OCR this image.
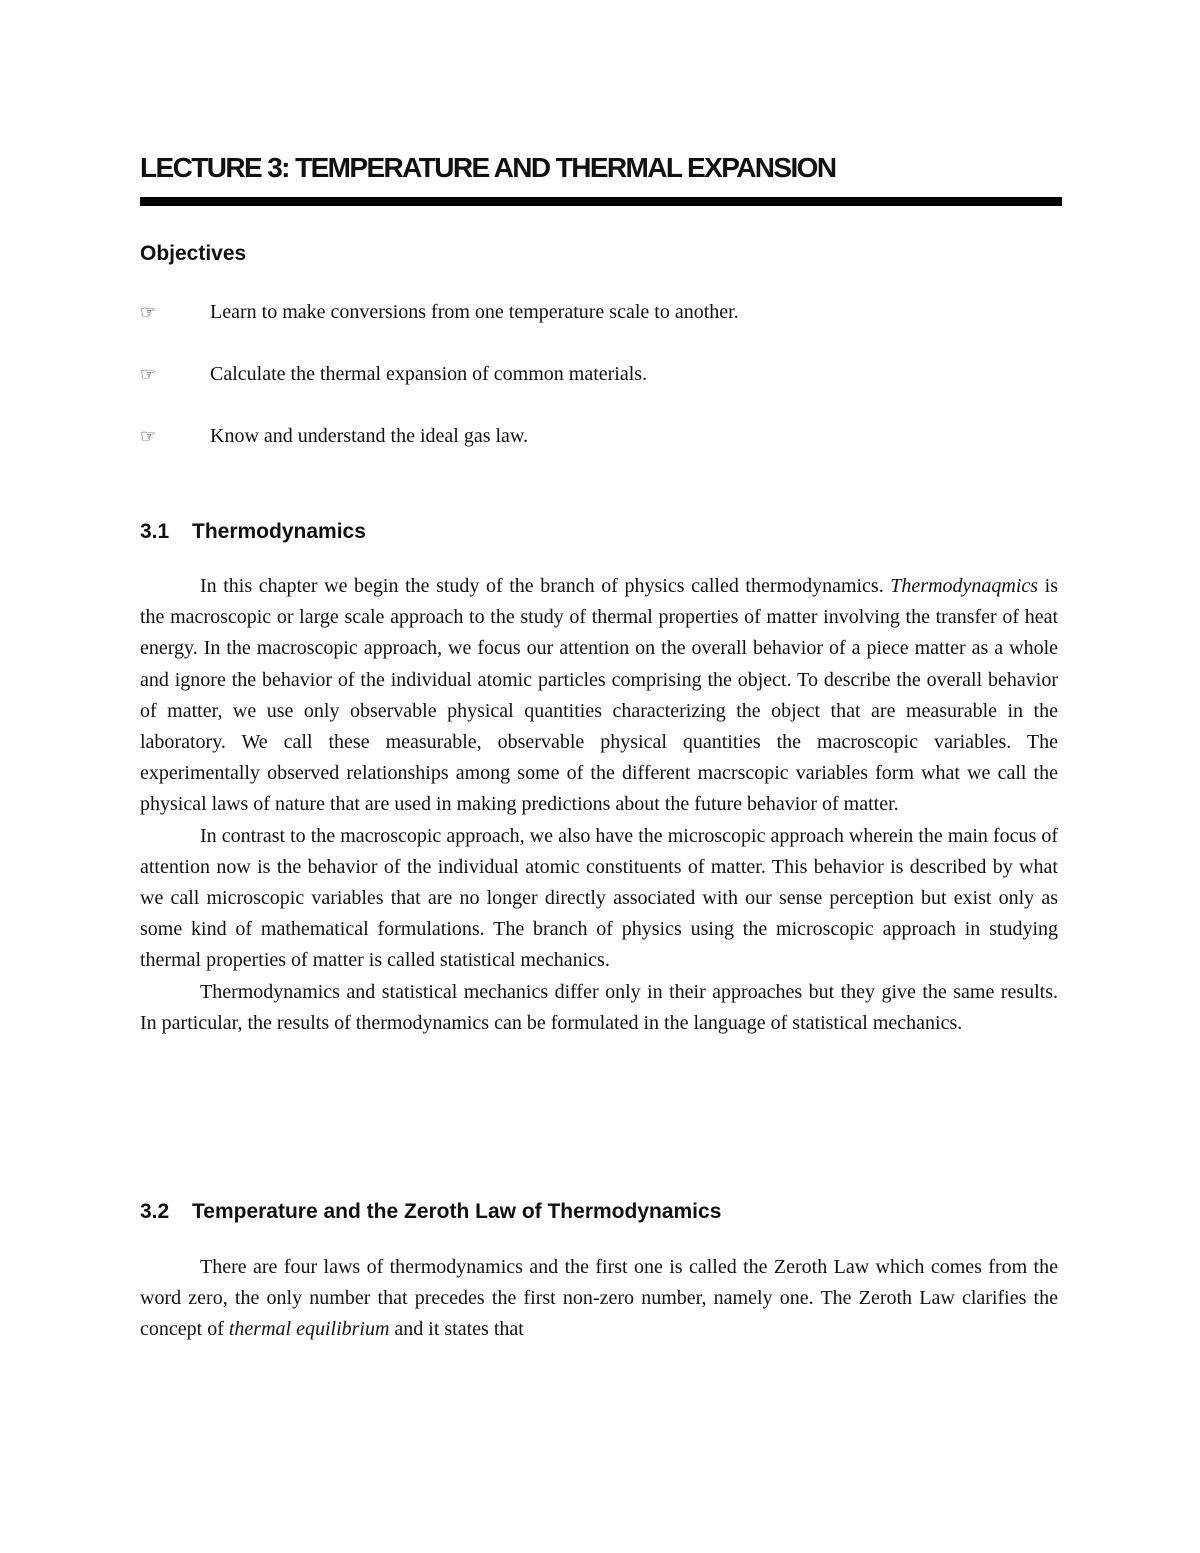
LECTURE 3: TEMPERATURE AND THERMAL EXPANSION
Objectives
☞	Learn to make conversions from one temperature scale to another.
☞	Calculate the thermal expansion of common materials.
☞	Know and understand the ideal gas law.
3.1 Thermodynamics

In this chapter we begin the study of the branch of physics called thermodynamics. Thermodynaqmics is the macroscopic or large scale approach to the study of thermal properties of matter involving the transfer of heat energy. In the macroscopic approach, we focus our attention on the overall behavior of a piece matter as a whole and ignore the behavior of the individual atomic particles comprising the object. To describe the overall behavior of matter, we use only observable physical quantities characterizing the object that are measurable in the laboratory. We call these measurable, observable physical quantities the macroscopic variables. The experimentally observed relationships among some of the different macrscopic variables form what we call the physical laws of nature that are used in making predictions about the future behavior of matter.

In contrast to the macroscopic approach, we also have the microscopic approach wherein the main focus of attention now is the behavior of the individual atomic constituents of matter. This behavior is described by what we call microscopic variables that are no longer directly associated with our sense perception but exist only as some kind of mathematical formulations. The branch of physics using the microscopic approach in studying thermal properties of matter is called statistical mechanics.

Thermodynamics and statistical mechanics differ only in their approaches but they give the same results. In particular, the results of thermodynamics can be formulated in the language of statistical mechanics.

3.2 Temperature and the Zeroth Law of Thermodynamics

There are four laws of thermodynamics and the first one is called the Zeroth Law which comes from the word zero, the only number that precedes the first non-zero number, namely one. The Zeroth Law clarifies the concept of thermal equilibrium and it states that
